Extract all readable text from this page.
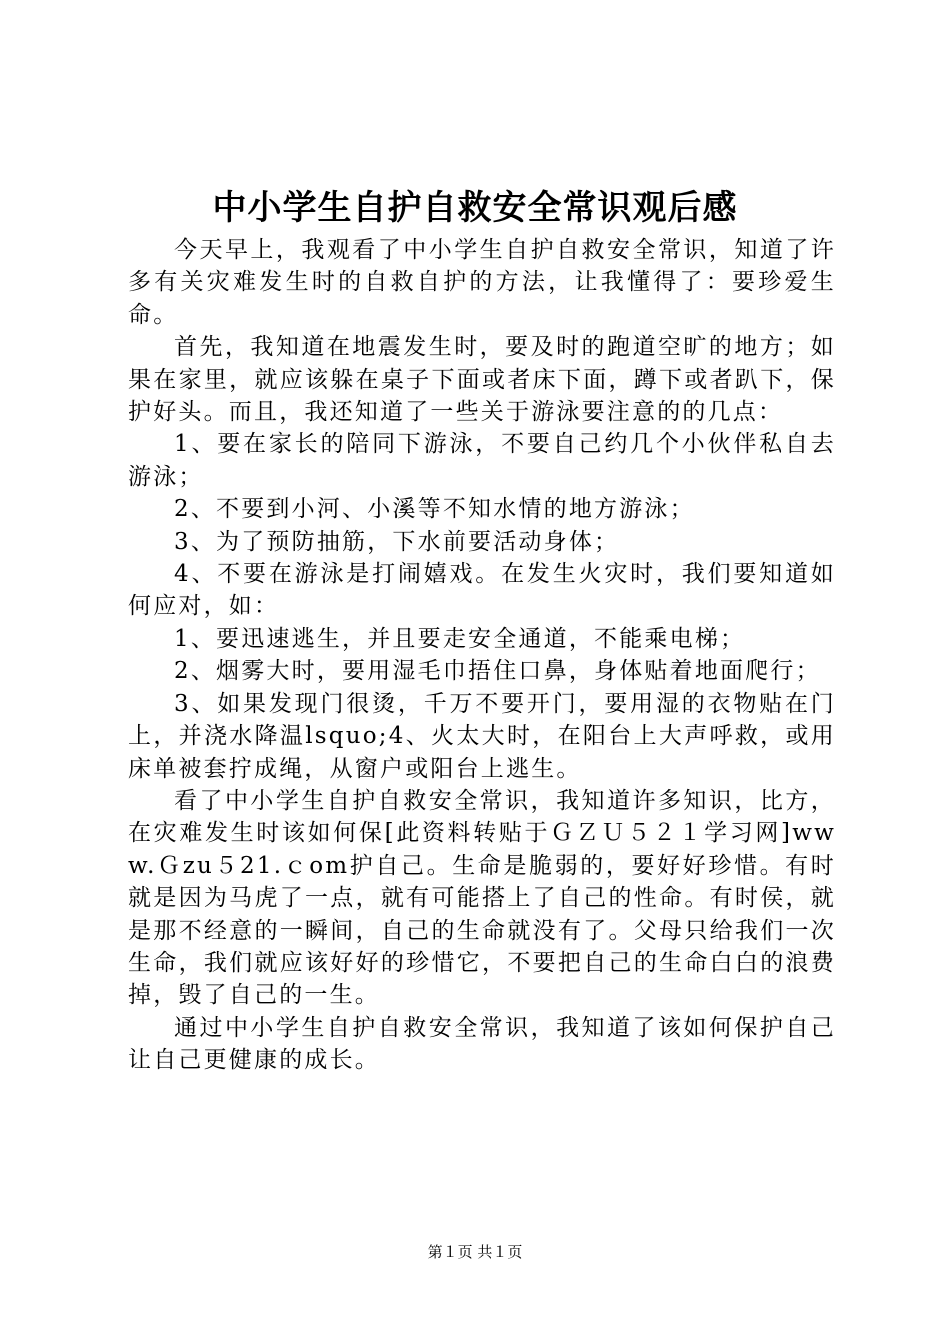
中小学生自护自救安全常识观后感

今天早上，我观看了中小学生自护自救安全常识，知道了许多有关灾难发生时的自救自护的方法，让我懂得了：要珍爱生命。

首先，我知道在地震发生时，要及时的跑道空旷的地方；如果在家里，就应该躲在桌子下面或者床下面，蹲下或者趴下，保护好头。而且，我还知道了一些关于游泳要注意的的几点：

1、要在家长的陪同下游泳，不要自己约几个小伙伴私自去游泳；

2、不要到小河、小溪等不知水情的地方游泳；

3、为了预防抽筋，下水前要活动身体；

4、不要在游泳是打闹嬉戏。在发生火灾时，我们要知道如何应对，如：

1、要迅速逃生，并且要走安全通道，不能乘电梯；

2、烟雾大时，要用湿毛巾捂住口鼻，身体贴着地面爬行；

3、如果发现门很烫，千万不要开门，要用湿的衣物贴在门上，并浇水降温lsquo;4、火太大时，在阳台上大声呼救，或用床单被套拧成绳，从窗户或阳台上逃生。

看了中小学生自护自救安全常识，我知道许多知识，比方，在灾难发生时该如何保[此资料转贴于ＧＺＵ５２１学习网]www.Ｇzu５21.ｃom护自己。生命是脆弱的，要好好珍惜。有时就是因为马虎了一点，就有可能搭上了自己的性命。有时侯，就是那不经意的一瞬间，自己的生命就没有了。父母只给我们一次生命，我们就应该好好的珍惜它，不要把自己的生命白白的浪费掉，毁了自己的一生。

通过中小学生自护自救安全常识，我知道了该如何保护自己让自己更健康的成长。

第１页 共１页
